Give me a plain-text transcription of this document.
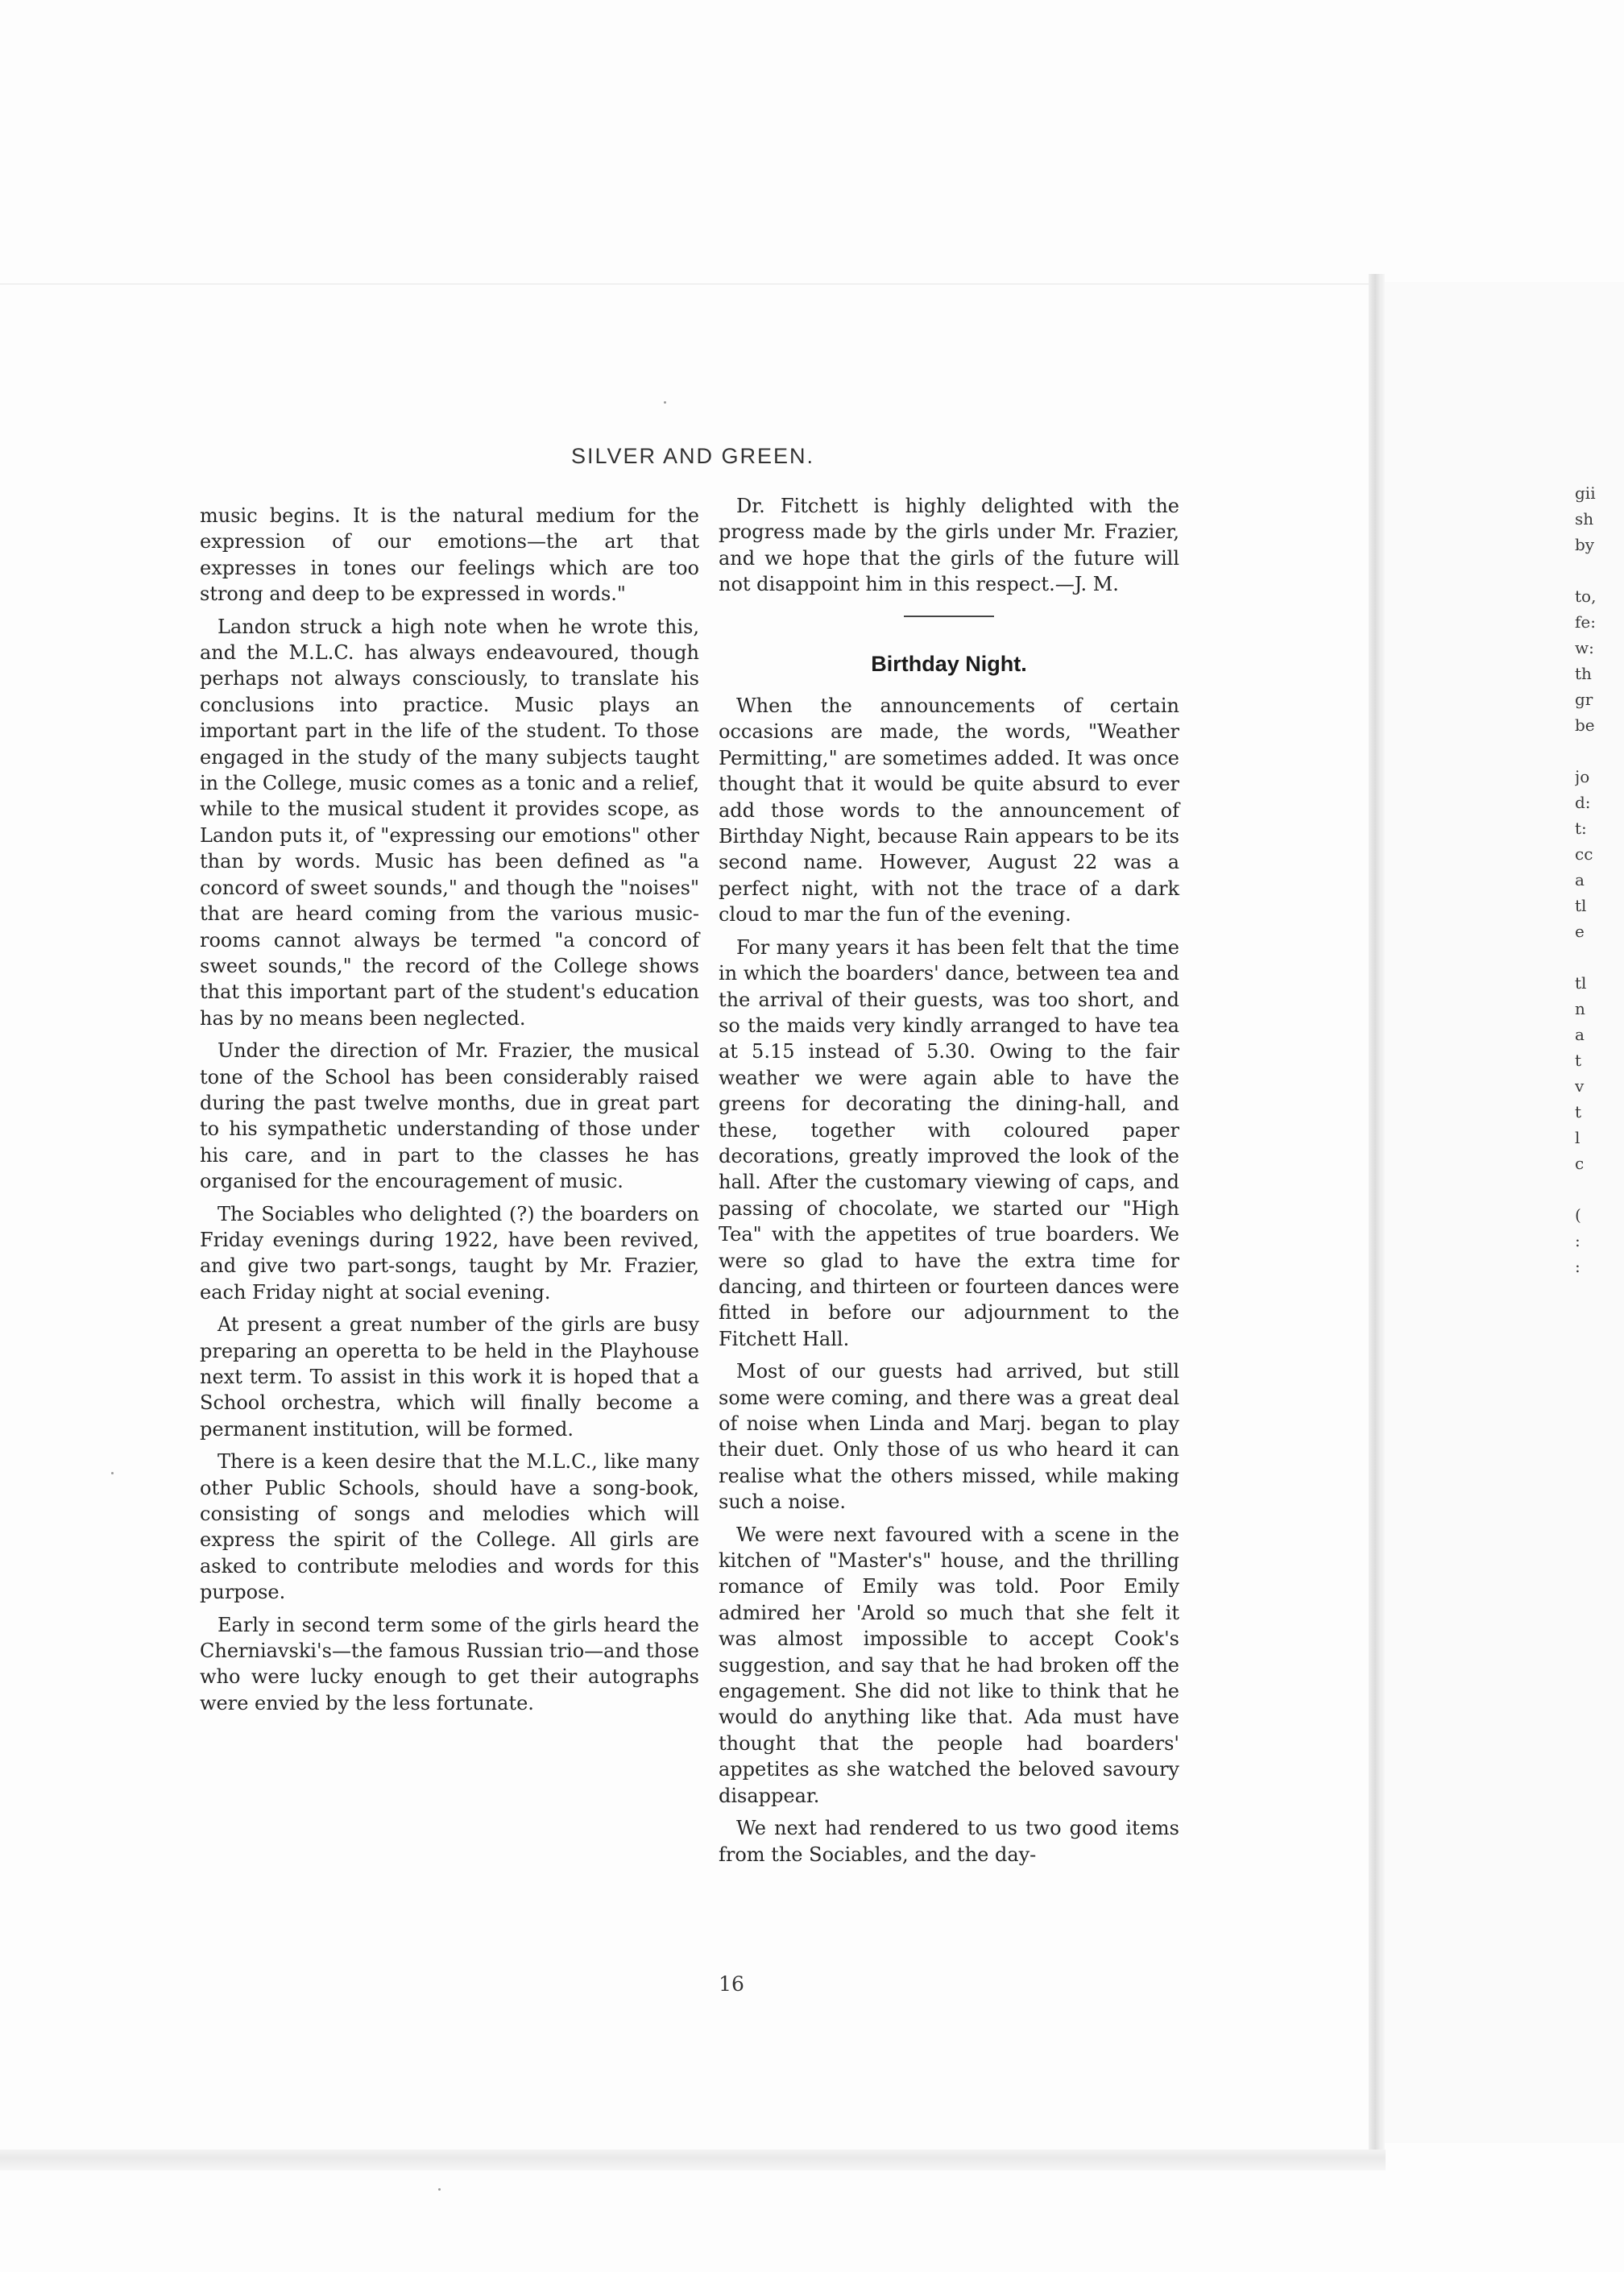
gii
sh
by

to,
fe:
w:
th
gr
be

jo
d:
t:
cc
a
tl
e

tl
n
a
t
v
t
l
c

(
:
:
SILVER AND GREEN.

music begins. It is the natural medium for the expression of our emotions—the art that expresses in tones our feelings which are too strong and deep to be expressed in words."

Landon struck a high note when he wrote this, and the M.L.C. has always endeavoured, though perhaps not always consciously, to translate his conclusions into practice. Music plays an important part in the life of the student. To those engaged in the study of the many subjects taught in the College, music comes as a tonic and a relief, while to the musical student it provides scope, as Landon puts it, of "expressing our emotions" other than by words. Music has been defined as "a concord of sweet sounds," and though the "noises" that are heard coming from the various music-rooms cannot always be termed "a concord of sweet sounds," the record of the College shows that this important part of the student's education has by no means been neglected.

Under the direction of Mr. Frazier, the musical tone of the School has been considerably raised during the past twelve months, due in great part to his sympathetic understanding of those under his care, and in part to the classes he has organised for the encouragement of music.

The Sociables who delighted (?) the boarders on Friday evenings during 1922, have been revived, and give two part-songs, taught by Mr. Frazier, each Friday night at social evening.

At present a great number of the girls are busy preparing an operetta to be held in the Playhouse next term. To assist in this work it is hoped that a School orchestra, which will finally become a permanent institution, will be formed.

There is a keen desire that the M.L.C., like many other Public Schools, should have a song-book, consisting of songs and melodies which will express the spirit of the College. All girls are asked to contribute melodies and words for this purpose.

Early in second term some of the girls heard the Cherniavski's—the famous Russian trio—and those who were lucky enough to get their autographs were envied by the less fortunate.

Dr. Fitchett is highly delighted with the progress made by the girls under Mr. Frazier, and we hope that the girls of the future will not disappoint him in this respect.—J. M.

Birthday Night.

When the announcements of certain occasions are made, the words, "Weather Permitting," are sometimes added. It was once thought that it would be quite absurd to ever add those words to the announcement of Birthday Night, because Rain appears to be its second name. However, August 22 was a perfect night, with not the trace of a dark cloud to mar the fun of the evening.

For many years it has been felt that the time in which the boarders' dance, between tea and the arrival of their guests, was too short, and so the maids very kindly arranged to have tea at 5.15 instead of 5.30. Owing to the fair weather we were again able to have the greens for decorating the dining-hall, and these, together with coloured paper decorations, greatly improved the look of the hall. After the customary viewing of caps, and passing of chocolate, we started our "High Tea" with the appetites of true boarders. We were so glad to have the extra time for dancing, and thirteen or fourteen dances were fitted in before our adjournment to the Fitchett Hall.

Most of our guests had arrived, but still some were coming, and there was a great deal of noise when Linda and Marj. began to play their duet. Only those of us who heard it can realise what the others missed, while making such a noise.

We were next favoured with a scene in the kitchen of "Master's" house, and the thrilling romance of Emily was told. Poor Emily admired her 'Arold so much that she felt it was almost impossible to accept Cook's suggestion, and say that he had broken off the engagement. She did not like to think that he would do anything like that. Ada must have thought that the people had boarders' appetites as she watched the beloved savoury disappear.

We next had rendered to us two good items from the Sociables, and the day-

16
